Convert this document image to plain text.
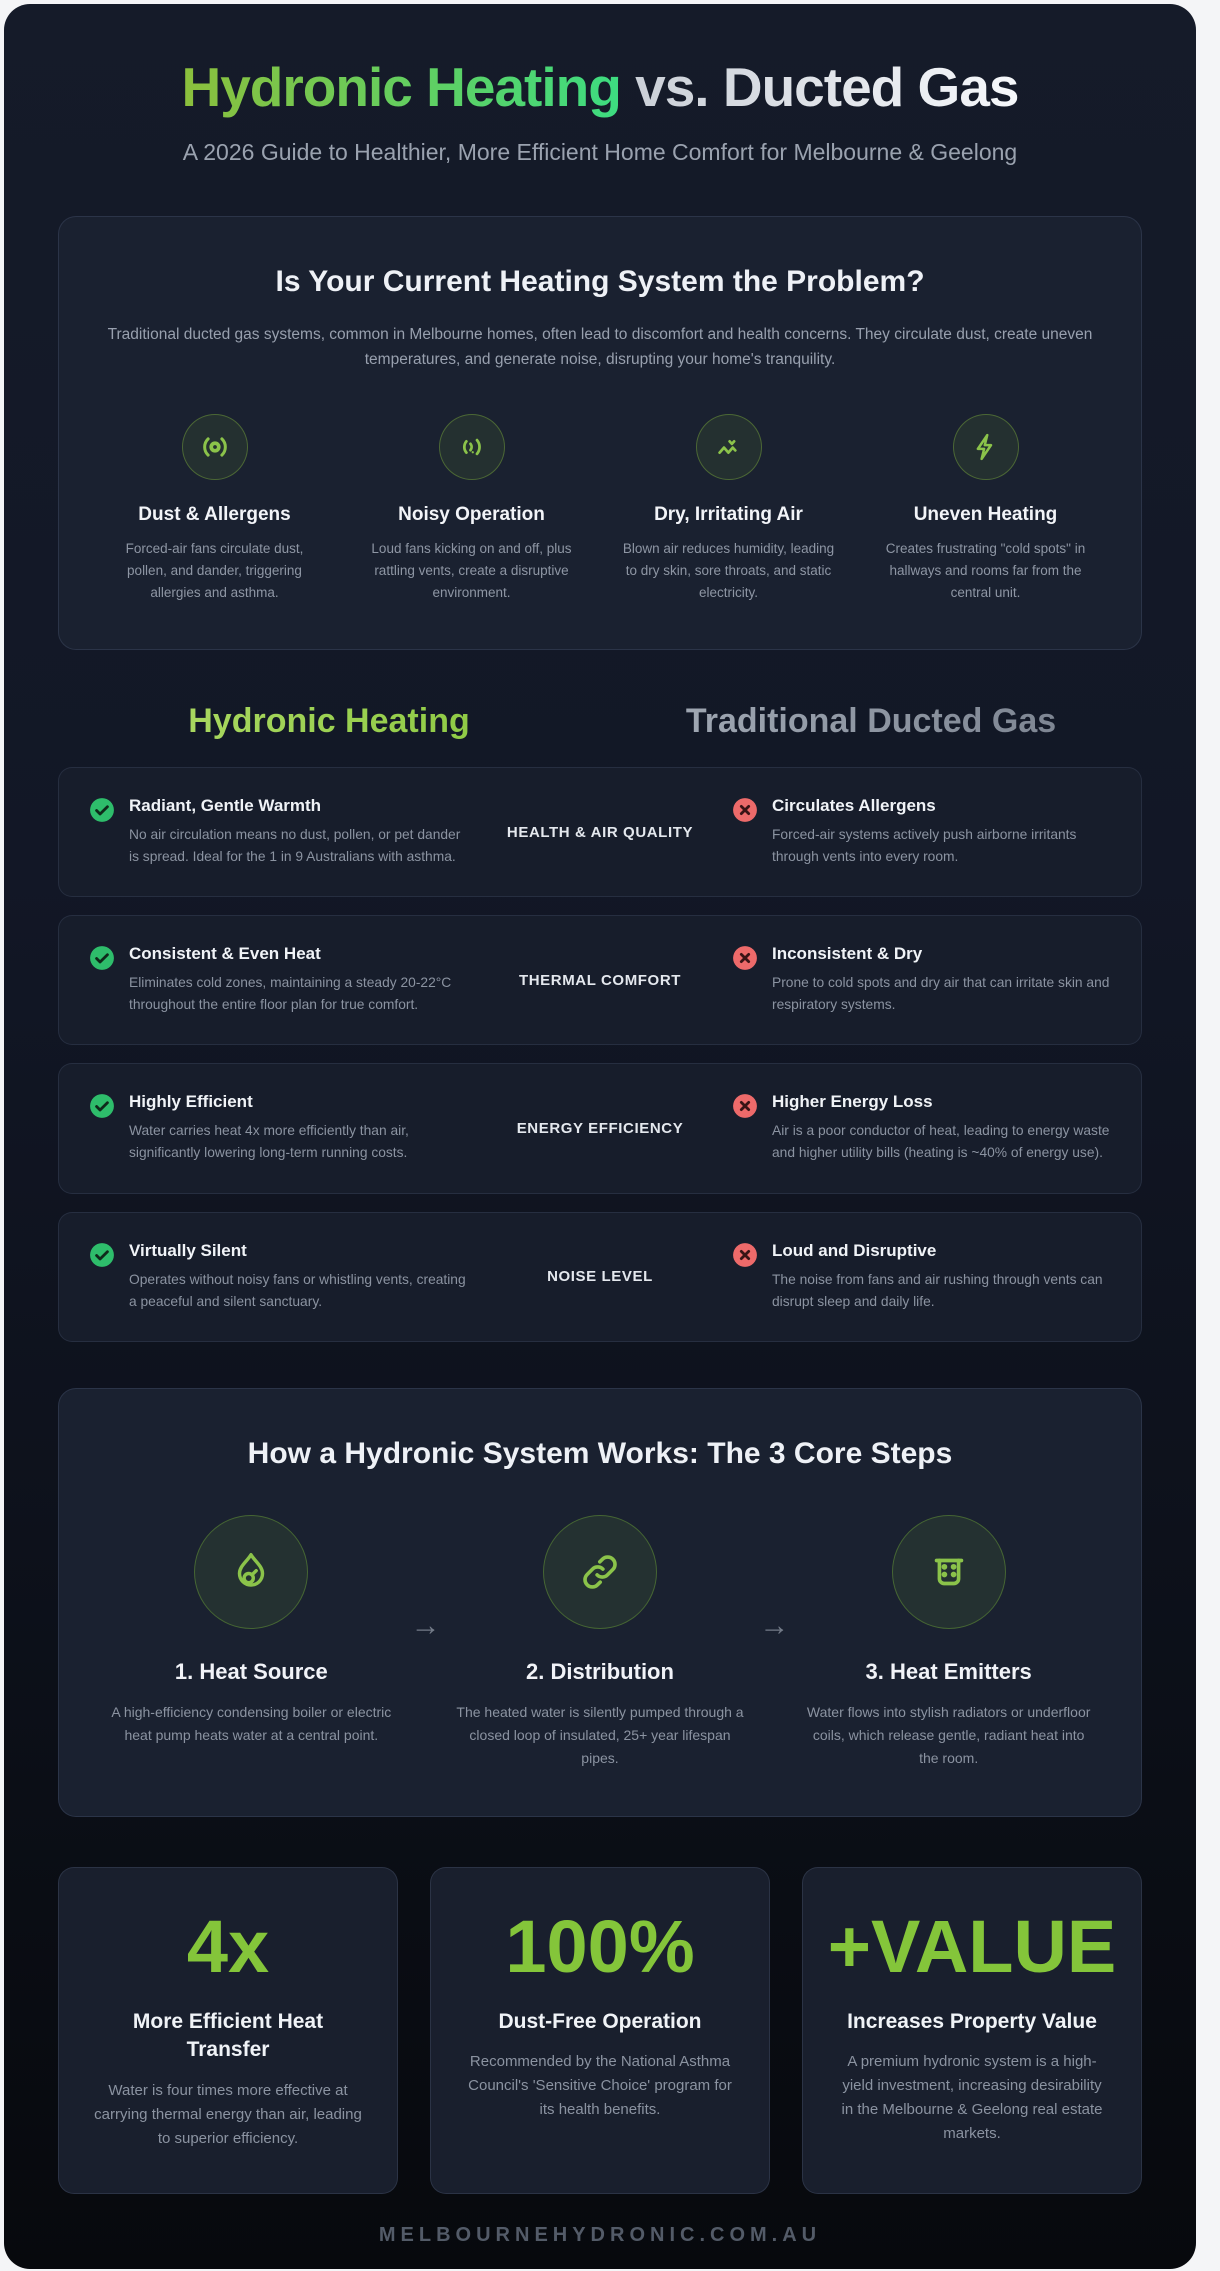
Hydronic Heating vs. Ducted Gas
A 2026 Guide to Healthier, More Efficient Home Comfort for Melbourne & Geelong
Is Your Current Heating System the Problem?

Traditional ducted gas systems, common in Melbourne homes, often lead to discomfort and health concerns. They circulate dust, create uneven temperatures, and generate noise, disrupting your home's tranquility.

Dust & Allergens

Forced-air fans circulate dust, pollen, and dander, triggering allergies and asthma.

Noisy Operation

Loud fans kicking on and off, plus rattling vents, create a disruptive environment.

Dry, Irritating Air

Blown air reduces humidity, leading to dry skin, sore throats, and static electricity.

Uneven Heating

Creates frustrating "cold spots" in hallways and rooms far from the central unit.

Hydronic Heating	Traditional Ducted Gas
Radiant, Gentle Warmth

No air circulation means no dust, pollen, or pet dander is spread. Ideal for the 1 in 9 Australians with asthma.

HEALTH & AIR QUALITY
Circulates Allergens

Forced-air systems actively push airborne irritants through vents into every room.

Consistent & Even Heat

Eliminates cold zones, maintaining a steady 20-22°C throughout the entire floor plan for true comfort.

THERMAL COMFORT
Inconsistent & Dry

Prone to cold spots and dry air that can irritate skin and respiratory systems.

Highly Efficient

Water carries heat 4x more efficiently than air, significantly lowering long-term running costs.

ENERGY EFFICIENCY
Higher Energy Loss

Air is a poor conductor of heat, leading to energy waste and higher utility bills (heating is ~40% of energy use).

Virtually Silent

Operates without noisy fans or whistling vents, creating a peaceful and silent sanctuary.

NOISE LEVEL
Loud and Disruptive

The noise from fans and air rushing through vents can disrupt sleep and daily life.

How a Hydronic System Works: The 3 Core Steps
1. Heat Source

A high-efficiency condensing boiler or electric heat pump heats water at a central point.

→
2. Distribution

The heated water is silently pumped through a closed loop of insulated, 25+ year lifespan pipes.

→
3. Heat Emitters

Water flows into stylish radiators or underfloor coils, which release gentle, radiant heat into the room.

4x
More Efficient Heat Transfer

Water is four times more effective at carrying thermal energy than air, leading to superior efficiency.

100%
Dust-Free Operation

Recommended by the National Asthma Council's 'Sensitive Choice' program for its health benefits.

+VALUE
Increases Property Value

A premium hydronic system is a high-yield investment, increasing desirability in the Melbourne & Geelong real estate markets.

MELBOURNEHYDRONIC.COM.AU
